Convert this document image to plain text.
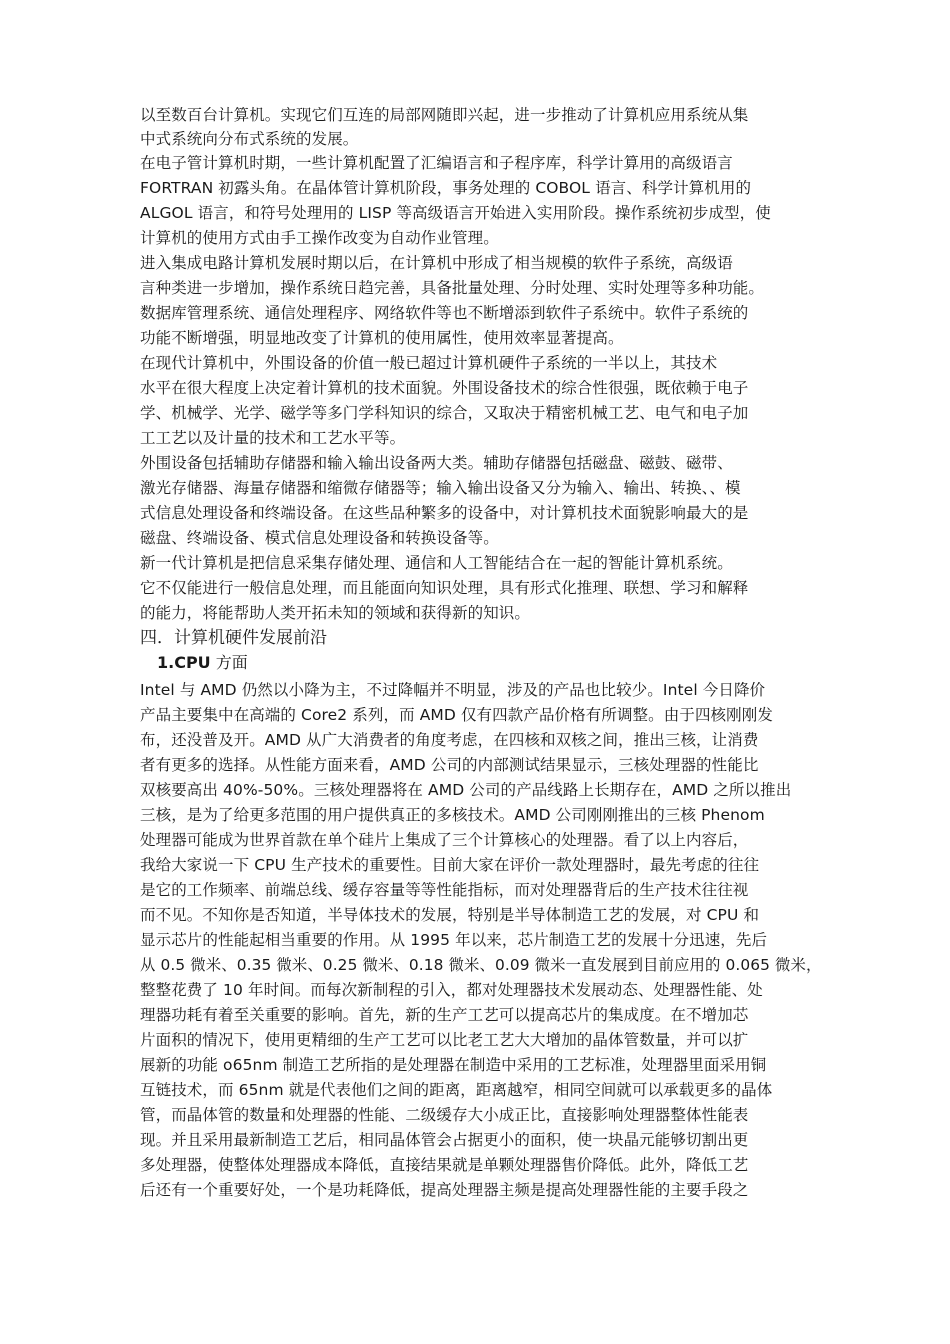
以至数百台计算机。实现它们互连的局部网随即兴起，进一步推动了计算机应用系统从集
中式系统向分布式系统的发展。
在电子管计算机时期，一些计算机配置了汇编语言和子程序库，科学计算用的高级语言
FORTRAN 初露头角。在晶体管计算机阶段，事务处理的 COBOL 语言、科学计算机用的
ALGOL 语言，和符号处理用的 LISP 等高级语言开始进入实用阶段。操作系统初步成型，使
计算机的使用方式由手工操作改变为自动作业管理。
进入集成电路计算机发展时期以后，在计算机中形成了相当规模的软件子系统，高级语
言种类进一步增加，操作系统日趋完善，具备批量处理、分时处理、实时处理等多种功能。
数据库管理系统、通信处理程序、网络软件等也不断增添到软件子系统中。软件子系统的
功能不断增强，明显地改变了计算机的使用属性，使用效率显著提高。
在现代计算机中，外围设备的价值一般已超过计算机硬件子系统的一半以上，其技术
水平在很大程度上决定着计算机的技术面貌。外围设备技术的综合性很强，既依赖于电子
学、机械学、光学、磁学等多门学科知识的综合，又取决于精密机械工艺、电气和电子加
工工艺以及计量的技术和工艺水平等。
外围设备包括辅助存储器和输入输出设备两大类。辅助存储器包括磁盘、磁鼓、磁带、
激光存储器、海量存储器和缩微存储器等；输入输出设备又分为输入、输出、转换、、模
式信息处理设备和终端设备。在这些品种繁多的设备中，对计算机技术面貌影响最大的是
磁盘、终端设备、模式信息处理设备和转换设备等。
新一代计算机是把信息采集存储处理、通信和人工智能结合在一起的智能计算机系统。
它不仅能进行一般信息处理，而且能面向知识处理，具有形式化推理、联想、学习和解释
的能力，将能帮助人类开拓未知的领域和获得新的知识。
四．计算机硬件发展前沿
1.CPU 方面
Intel 与 AMD 仍然以小降为主，不过降幅并不明显，涉及的产品也比较少。Intel 今日降价
产品主要集中在高端的 Core2 系列，而 AMD 仅有四款产品价格有所调整。由于四核刚刚发
布，还没普及开。AMD 从广大消费者的角度考虑，在四核和双核之间，推出三核，让消费
者有更多的选择。从性能方面来看，AMD 公司的内部测试结果显示，三核处理器的性能比
双核要高出 40%-50%。三核处理器将在 AMD 公司的产品线路上长期存在，AMD 之所以推出
三核，是为了给更多范围的用户提供真正的多核技术。AMD 公司刚刚推出的三核 Phenom
处理器可能成为世界首款在单个硅片上集成了三个计算核心的处理器。看了以上内容后，
我给大家说一下 CPU 生产技术的重要性。目前大家在评价一款处理器时，最先考虑的往往
是它的工作频率、前端总线、缓存容量等等性能指标，而对处理器背后的生产技术往往视
而不见。不知你是否知道，半导体技术的发展，特别是半导体制造工艺的发展，对 CPU 和
显示芯片的性能起相当重要的作用。从 1995 年以来，芯片制造工艺的发展十分迅速，先后
从 0.5 微米、0.35 微米、0.25 微米、0.18 微米、0.09 微米一直发展到目前应用的 0.065 微米，
整整花费了 10 年时间。而每次新制程的引入，都对处理器技术发展动态、处理器性能、处
理器功耗有着至关重要的影响。首先，新的生产工艺可以提高芯片的集成度。在不增加芯
片面积的情况下，使用更精细的生产工艺可以比老工艺大大增加的晶体管数量，并可以扩
展新的功能 o65nm 制造工艺所指的是处理器在制造中采用的工艺标准，处理器里面采用铜
互链技术，而 65nm 就是代表他们之间的距离，距离越窄，相同空间就可以承载更多的晶体
管，而晶体管的数量和处理器的性能、二级缓存大小成正比，直接影响处理器整体性能表
现。并且采用最新制造工艺后，相同晶体管会占据更小的面积，使一块晶元能够切割出更
多处理器，使整体处理器成本降低，直接结果就是单颗处理器售价降低。此外，降低工艺
后还有一个重要好处，一个是功耗降低，提高处理器主频是提高处理器性能的主要手段之
